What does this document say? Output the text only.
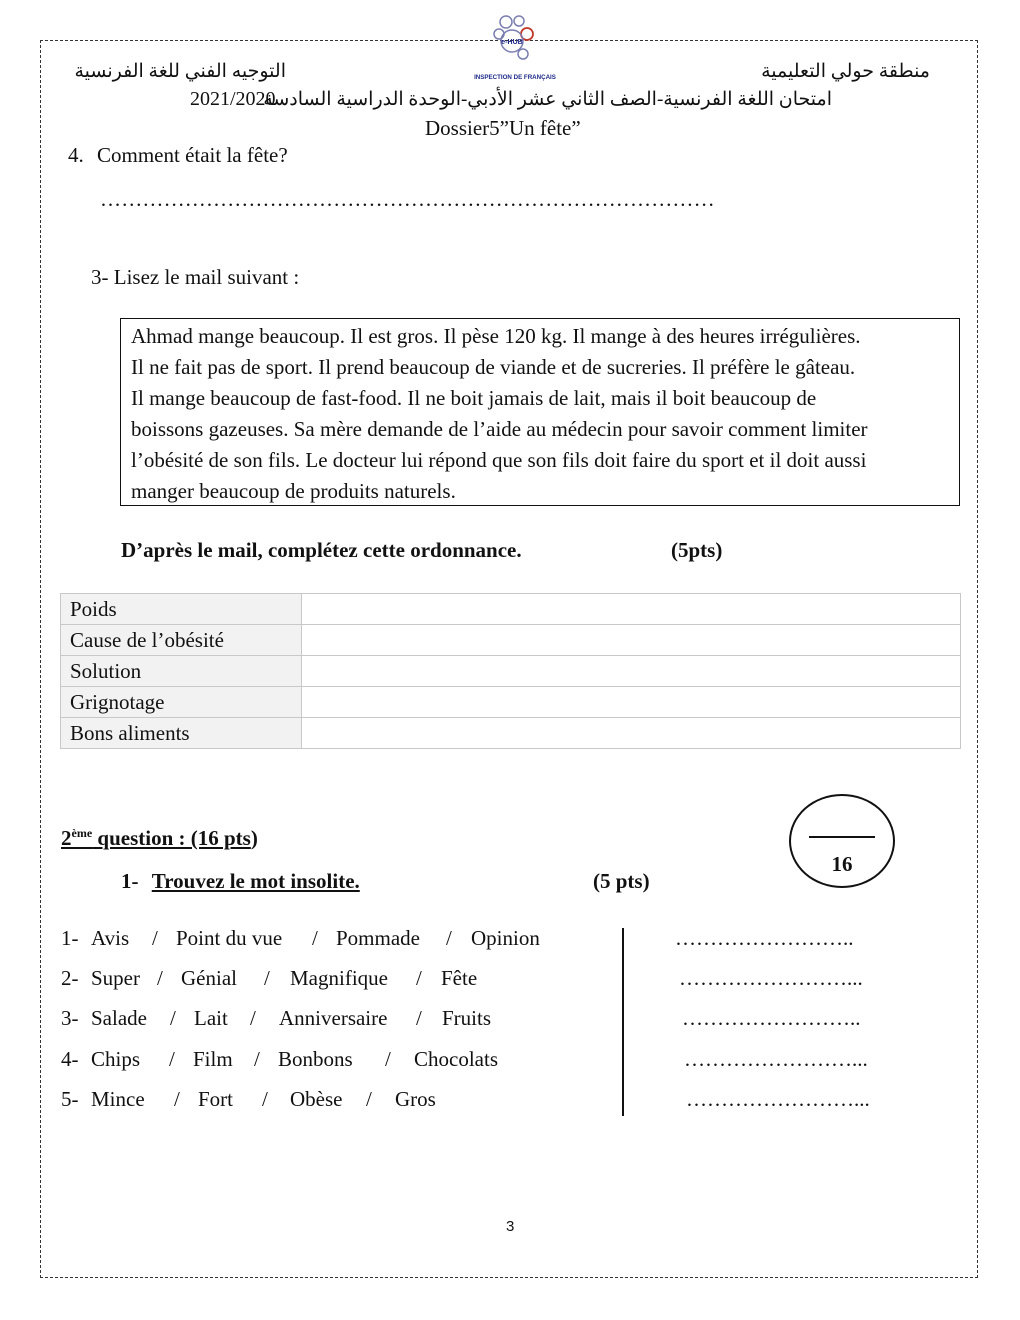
e-HUB
INSPECTION DE FRANÇAIS	منطقة حولي التعليمية
التوجيه الفني للغة الفرنسية
امتحان اللغة الفرنسية-الصف الثاني عشر الأدبي-الوحدة الدراسية السادسة
2021/2020
Dossier5”Un fête”
4. Comment était la fête?
……………………………………………………………………………
3- Lisez le mail suivant :

Ahmad mange beaucoup. Il est gros. Il pèse 120 kg. Il mange à des heures irrégulières.

Il ne fait pas de sport. Il prend beaucoup de viande et de sucreries. Il préfère le gâteau.

Il mange beaucoup de fast-food. Il ne boit jamais de lait, mais il boit beaucoup de

boissons gazeuses. Sa mère demande de l’aide au médecin pour savoir comment limiter

l’obésité de son fils. Le docteur lui répond que son fils doit faire du sport et il doit aussi

manger beaucoup de produits naturels.

D’après le mail, complétez cette ordonnance.	(5pts)
Poids	
Cause de l’obésité	
Solution	
Grignotage	
Bons aliments	
2ème question : (16 pts)
16
1- Trouvez le mot insolite.	(5 pts)
1- Avis / Point du vue / Pommade / Opinion	……………………..
2- Super / Génial / Magnifique / Fête	……………………...
3- Salade / Lait / Anniversaire / Fruits	……………………..
4- Chips / Film / Bonbons / Chocolats	……………………...
5- Mince / Fort / Obèse / Gros	……………………...
3
